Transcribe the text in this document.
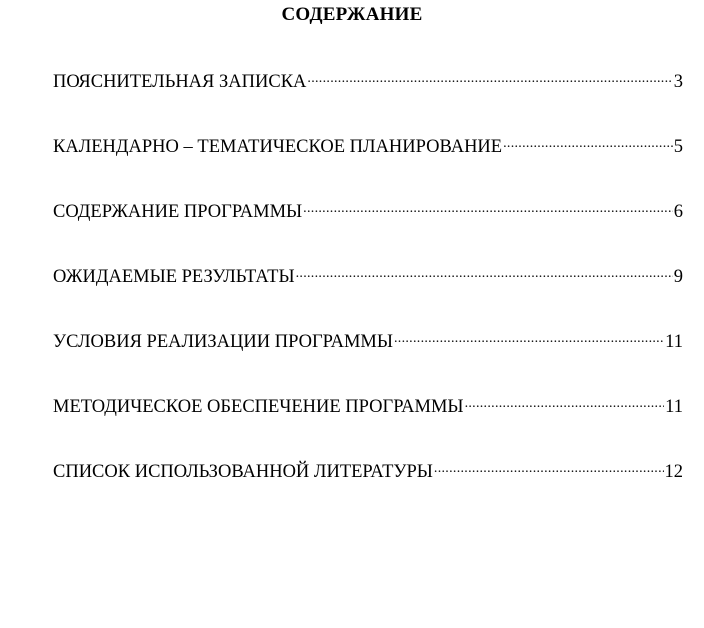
СОДЕРЖАНИЕ
ПОЯСНИТЕЛЬНАЯ ЗАПИСКА .....	3
КАЛЕНДАРНО – ТЕМАТИЧЕСКОЕ ПЛАНИРОВАНИЕ .....	5
СОДЕРЖАНИЕ ПРОГРАММЫ .....	6
ОЖИДАЕМЫЕ РЕЗУЛЬТАТЫ .....	9
УСЛОВИЯ РЕАЛИЗАЦИИ ПРОГРАММЫ .....	11
МЕТОДИЧЕСКОЕ ОБЕСПЕЧЕНИЕ ПРОГРАММЫ .....	11
СПИСОК ИСПОЛЬЗОВАННОЙ ЛИТЕРАТУРЫ .....	12
